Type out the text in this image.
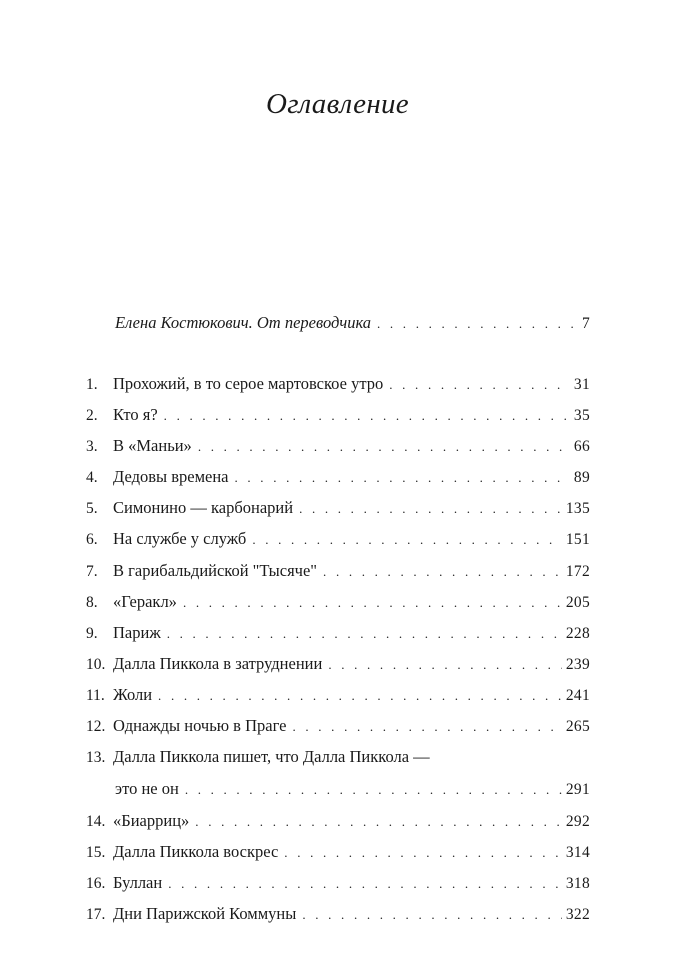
Оглавление
Елена Костюкович. От переводчика . . .	7
1. Прохожий, в то серое мартовское утро . . .	31
2. Кто я? . . .	35
3. В «Маньи» . . .	66
4. Дедовы времена . . .	89
5. Симонино — карбонарий . . .	135
6. На службе у служб . . .	151
7. В гарибальдийской "Тысяче" . . .	172
8. «Геракл» . . .	205
9. Париж . . .	228
10. Далла Пиккола в затруднении . . .	239
11. Жоли . . .	241
12. Однажды ночью в Праге . . .	265
13. Далла Пиккола пишет, что Далла Пиккола —
это не он . . .	291
14. «Биарриц» . . .	292
15. Далла Пиккола воскрес . . .	314
16. Буллан . . .	318
17. Дни Парижской Коммуны . . .	322
